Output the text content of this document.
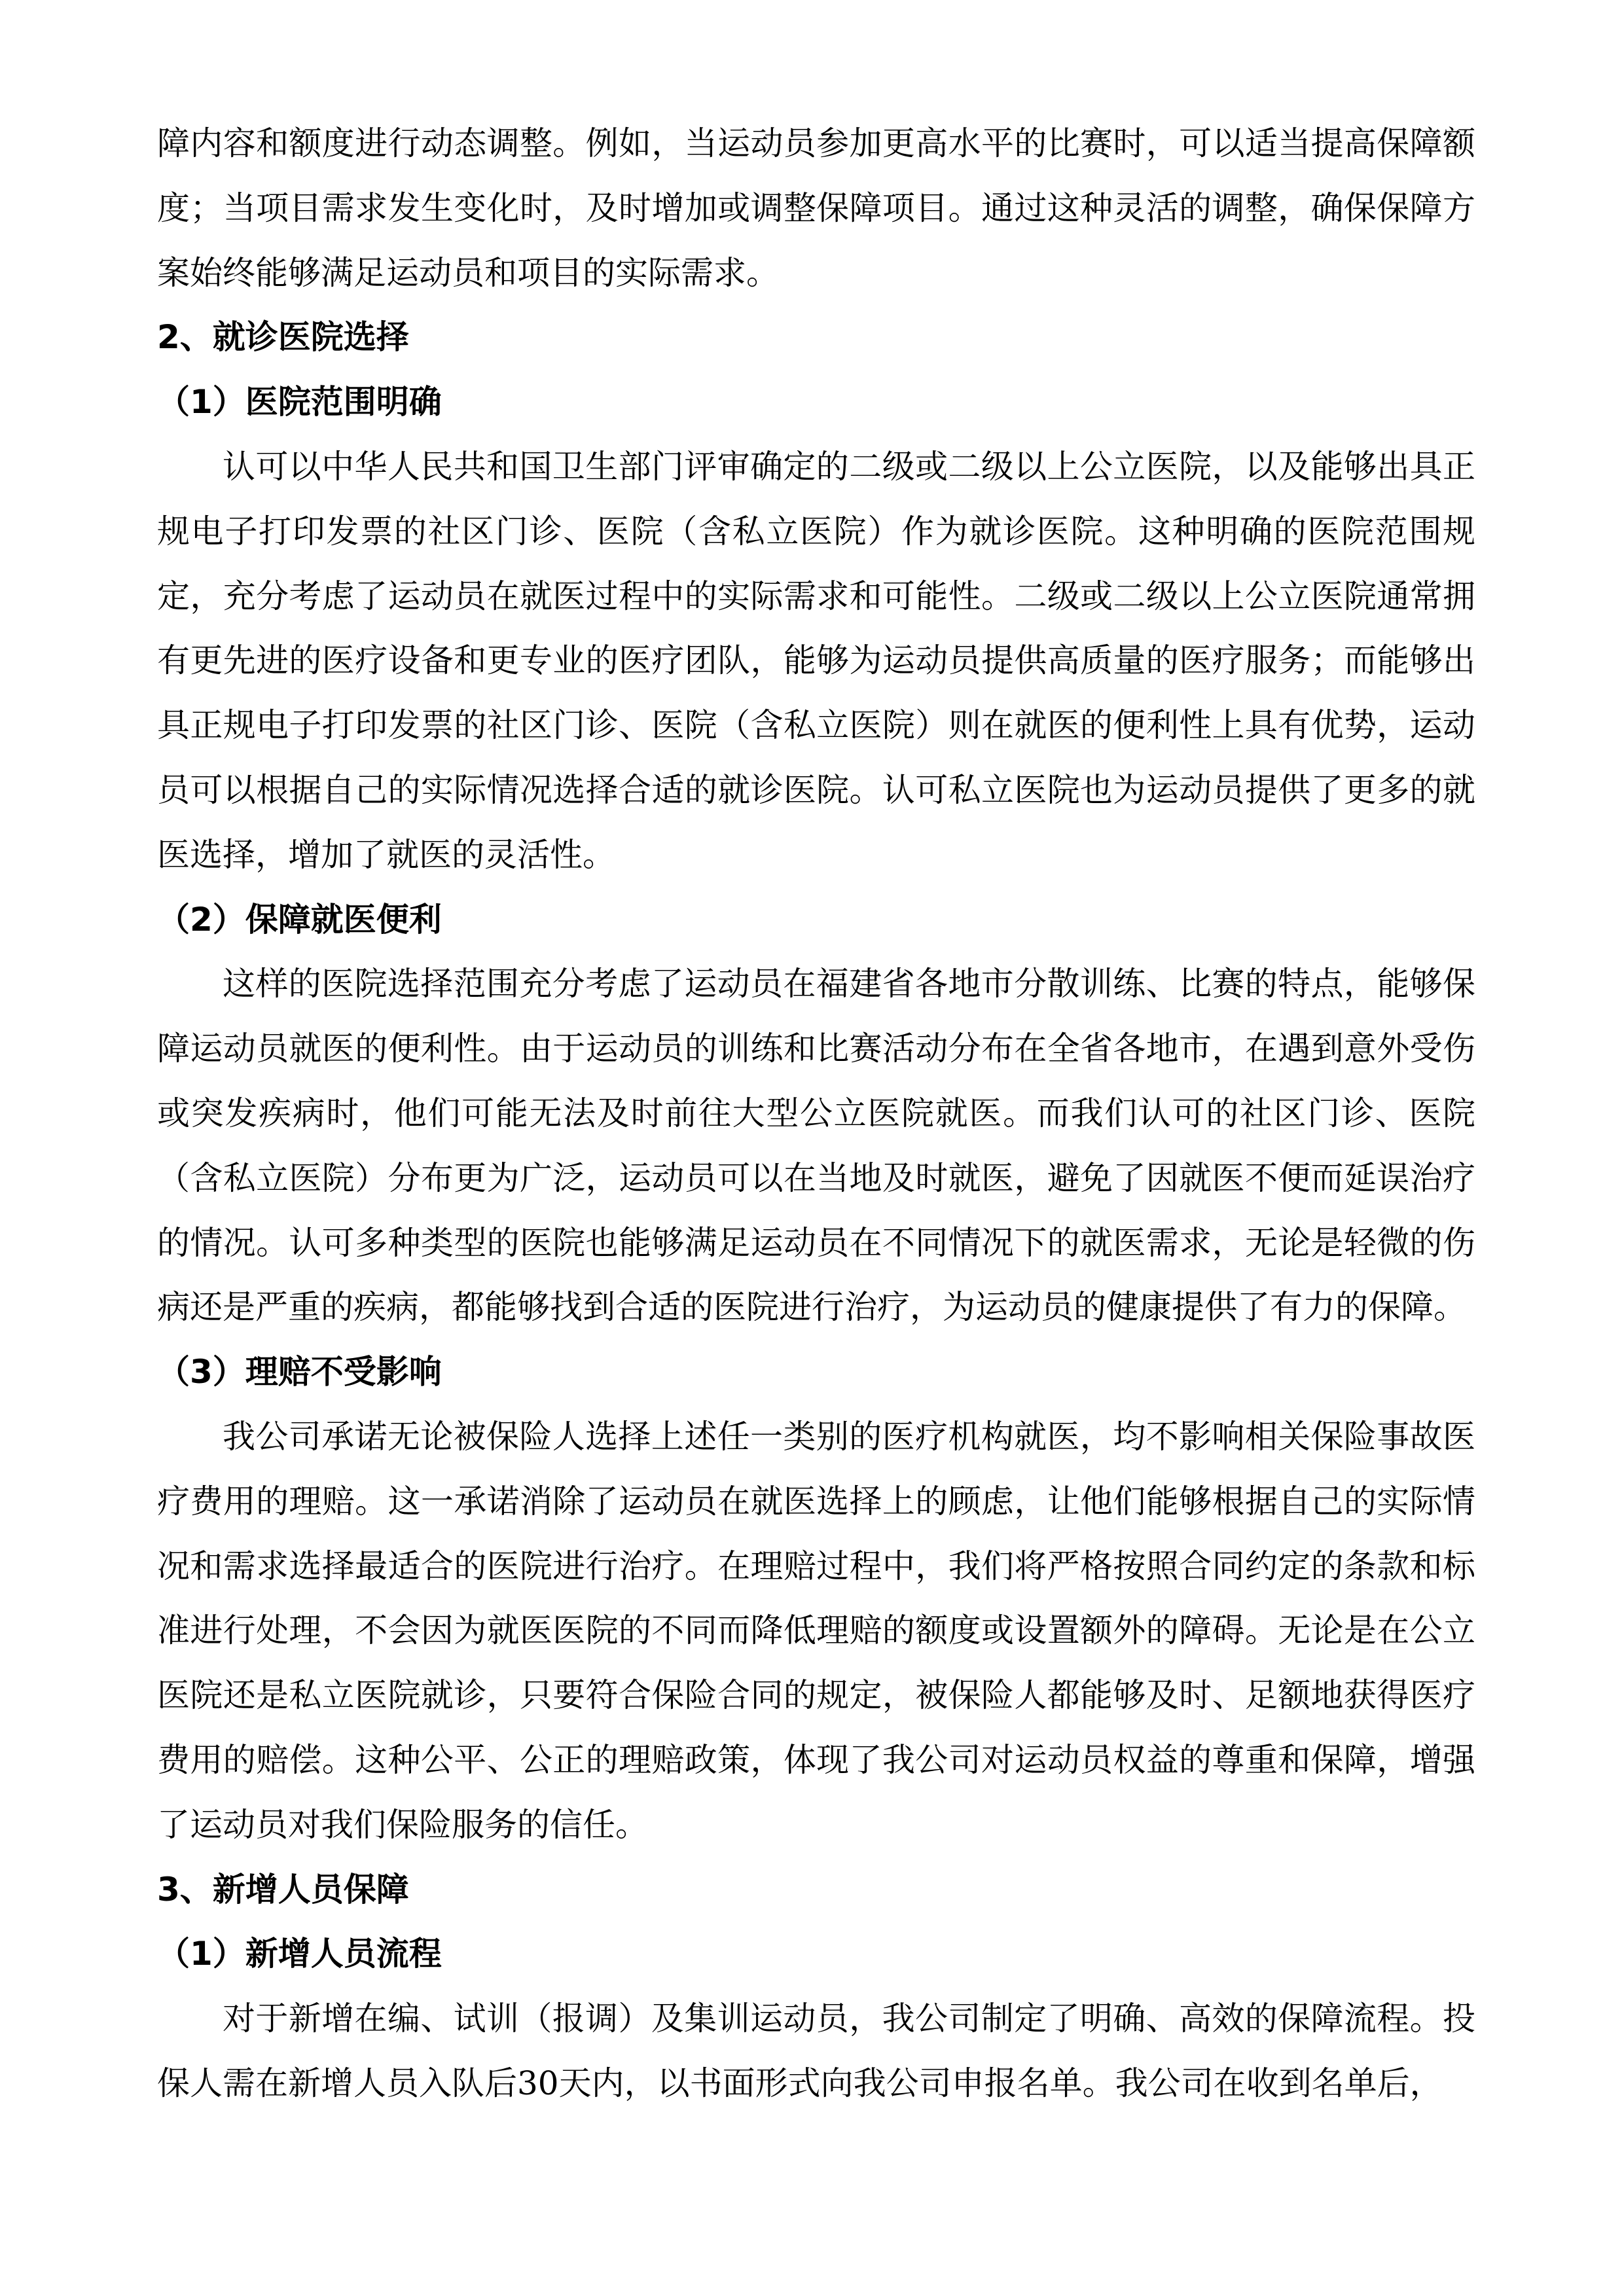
障内容和额度进行动态调整。例如，当运动员参加更高水平的比赛时，可以适当提高保障额度；当项目需求发生变化时，及时增加或调整保障项目。通过这种灵活的调整，确保保障方案始终能够满足运动员和项目的实际需求。

2、就诊医院选择

（1）医院范围明确

认可以中华人民共和国卫生部门评审确定的二级或二级以上公立医院，以及能够出具正规电子打印发票的社区门诊、医院（含私立医院）作为就诊医院。这种明确的医院范围规定，充分考虑了运动员在就医过程中的实际需求和可能性。二级或二级以上公立医院通常拥有更先进的医疗设备和更专业的医疗团队，能够为运动员提供高质量的医疗服务；而能够出具正规电子打印发票的社区门诊、医院（含私立医院）则在就医的便利性上具有优势，运动员可以根据自己的实际情况选择合适的就诊医院。认可私立医院也为运动员提供了更多的就医选择，增加了就医的灵活性。

（2）保障就医便利

这样的医院选择范围充分考虑了运动员在福建省各地市分散训练、比赛的特点，能够保障运动员就医的便利性。由于运动员的训练和比赛活动分布在全省各地市，在遇到意外受伤或突发疾病时，他们可能无法及时前往大型公立医院就医。而我们认可的社区门诊、医院（含私立医院）分布更为广泛，运动员可以在当地及时就医，避免了因就医不便而延误治疗的情况。认可多种类型的医院也能够满足运动员在不同情况下的就医需求，无论是轻微的伤病还是严重的疾病，都能够找到合适的医院进行治疗，为运动员的健康提供了有力的保障。

（3）理赔不受影响

我公司承诺无论被保险人选择上述任一类别的医疗机构就医，均不影响相关保险事故医疗费用的理赔。这一承诺消除了运动员在就医选择上的顾虑，让他们能够根据自己的实际情况和需求选择最适合的医院进行治疗。在理赔过程中，我们将严格按照合同约定的条款和标准进行处理，不会因为就医医院的不同而降低理赔的额度或设置额外的障碍。无论是在公立医院还是私立医院就诊，只要符合保险合同的规定，被保险人都能够及时、足额地获得医疗费用的赔偿。这种公平、公正的理赔政策，体现了我公司对运动员权益的尊重和保障，增强了运动员对我们保险服务的信任。

3、新增人员保障

（1）新增人员流程

对于新增在编、试训（报调）及集训运动员，我公司制定了明确、高效的保障流程。投保人需在新增人员入队后30天内，以书面形式向我公司申报名单。我公司在收到名单后，
